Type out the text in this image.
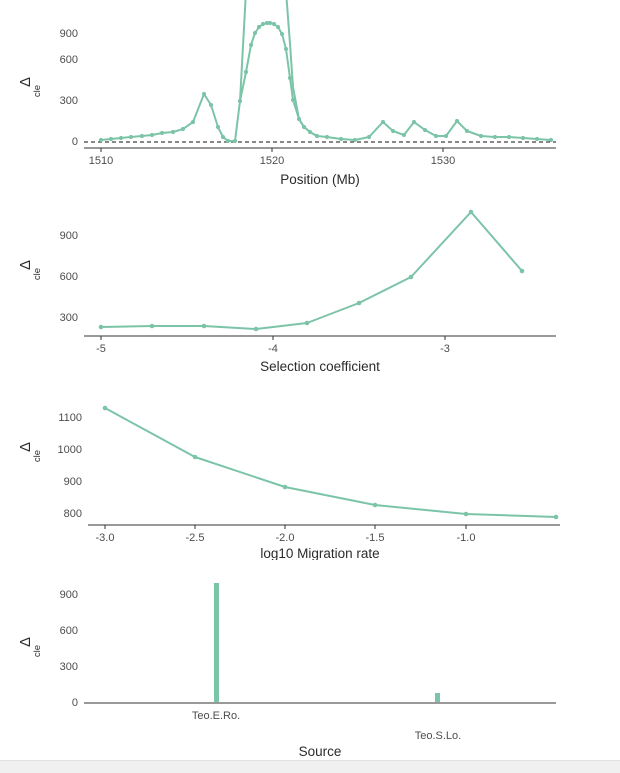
Δ
cle
0
300
600
900
1510	1520	1530
Position (Mb)
Δ
cle
300
600
900
-5	-4	-3
Selection coefficient
Δ
cle
800
900
1000
1100
-3.0	-2.5	-2.0	-1.5	-1.0
log10 Migration rate
Δ
cle
0
300
600
900
Teo.E.Ro.
Teo.S.Lo.
Source
